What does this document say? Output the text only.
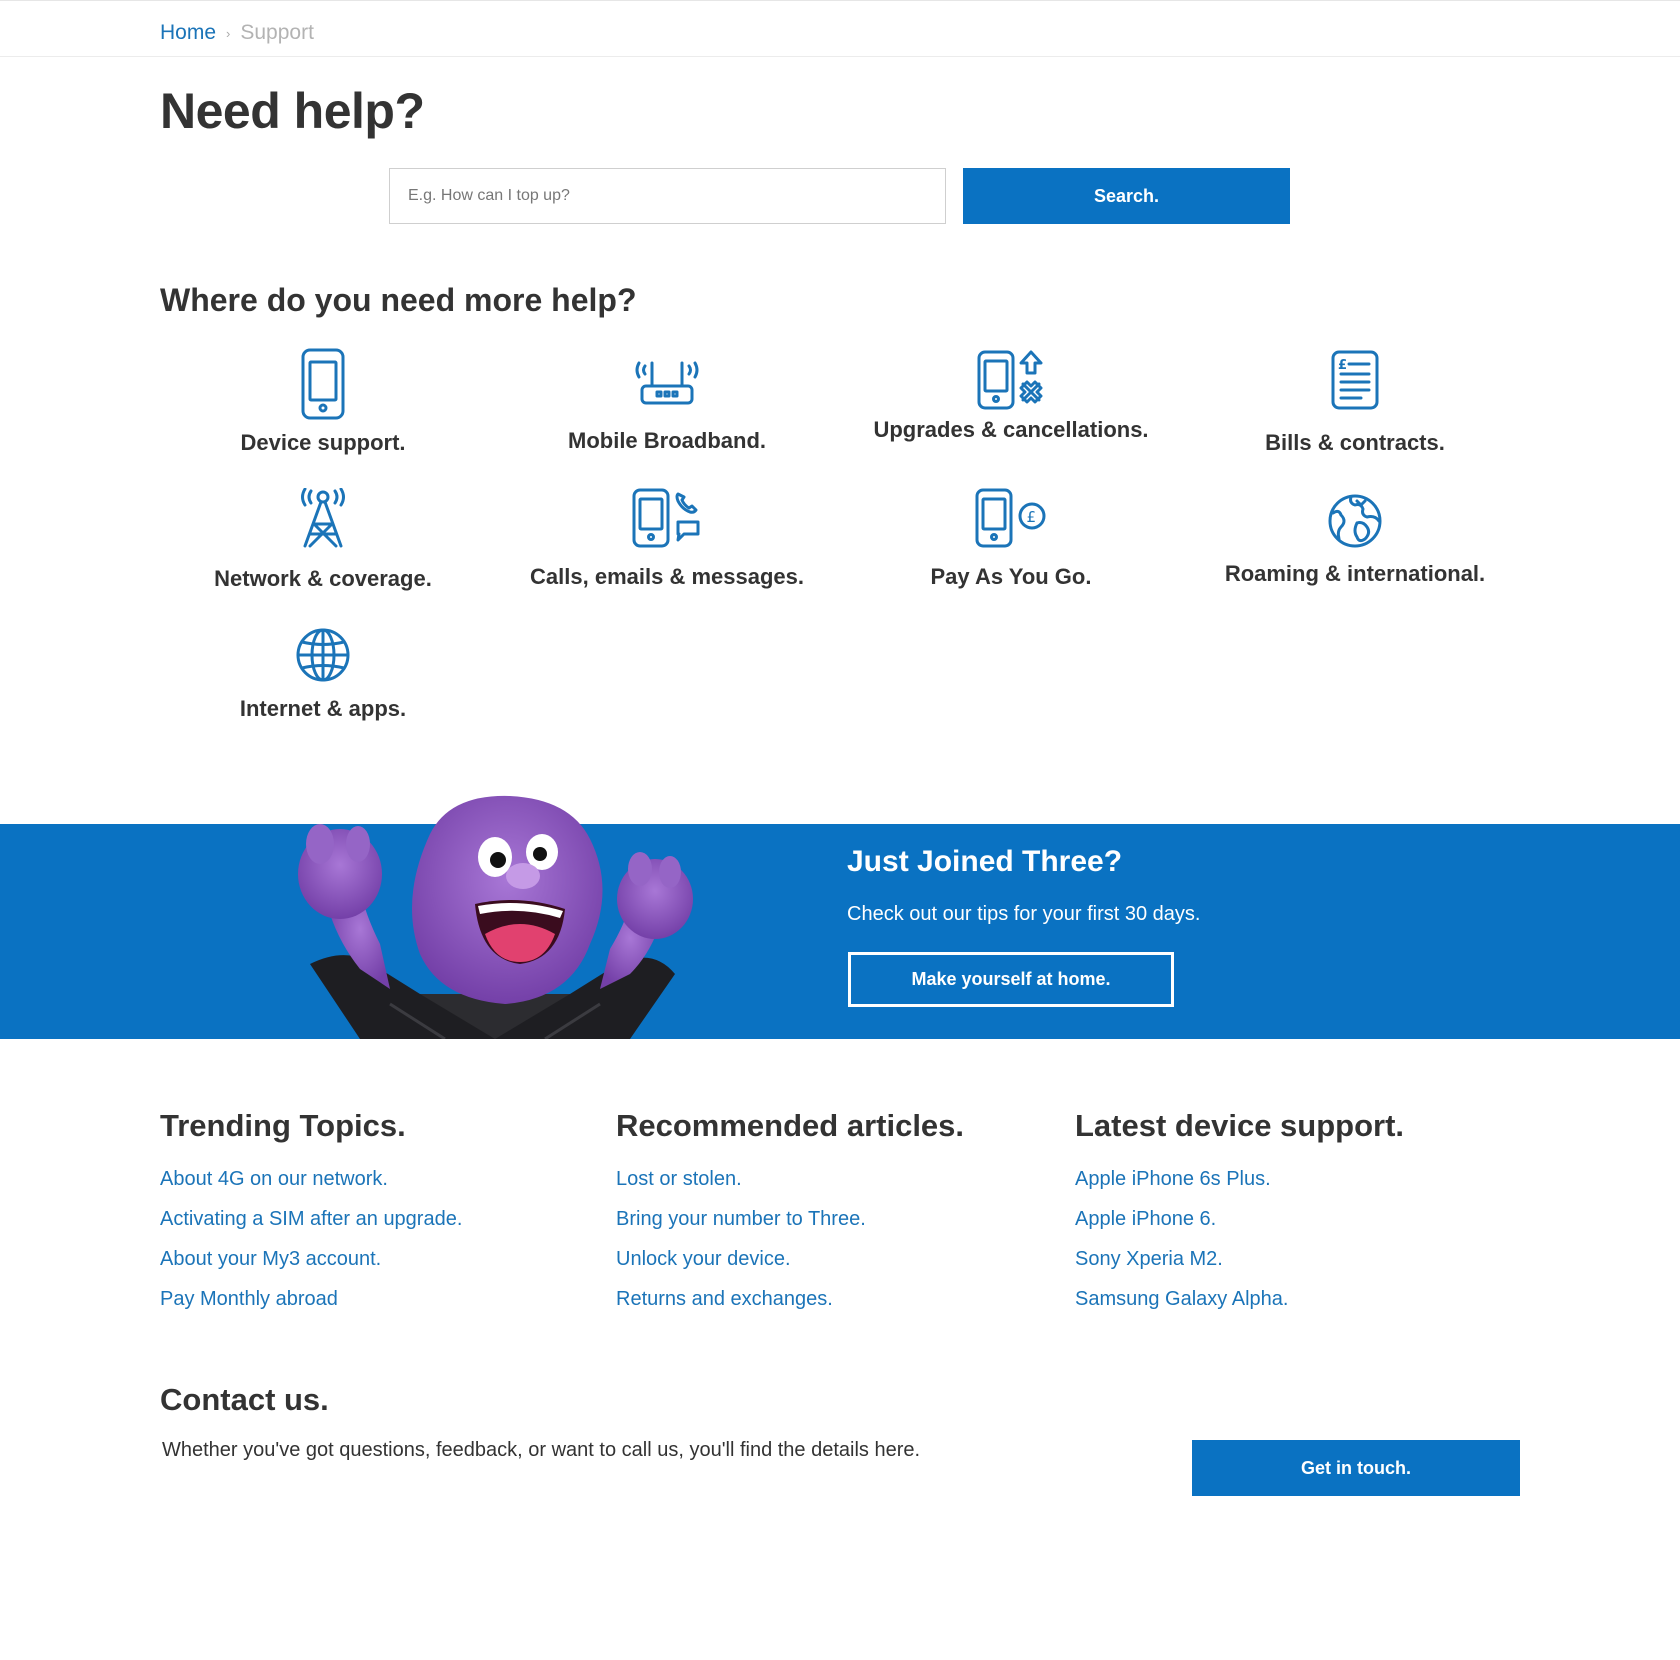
Home › Support
Need help?
E.g. How can I top up?
Search.
Where do you need more help?
Device support.	Mobile Broadband.	Upgrades & cancellations.
£
Bills & contracts.
Network & coverage.	Calls, emails & messages.
£
Pay As You Go.	Roaming & international.
Internet & apps.
Just Joined Three?

Check out our tips for your first 30 days.

Make yourself at home.
Trending Topics.
About 4G on our network.
Activating a SIM after an upgrade.
About your My3 account.
Pay Monthly abroad
Recommended articles.
Lost or stolen.
Bring your number to Three.
Unlock your device.
Returns and exchanges.
Latest device support.
Apple iPhone 6s Plus.
Apple iPhone 6.
Sony Xperia M2.
Samsung Galaxy Alpha.
Contact us.

Whether you've got questions, feedback, or want to call us, you'll find the details here.

Get in touch.
